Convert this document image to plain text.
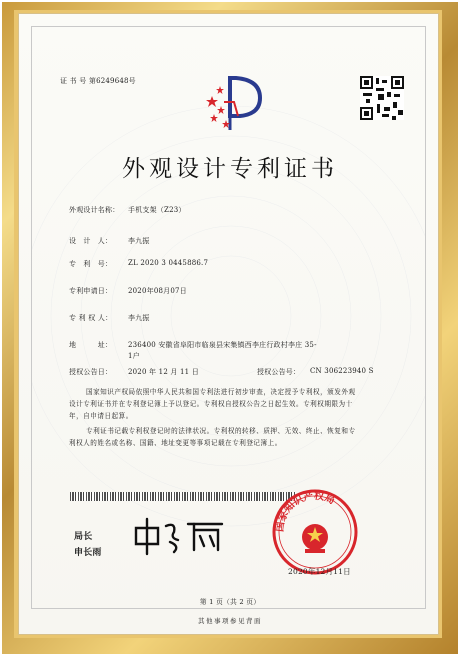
证 书 号 第6249648号
外观设计专利证书
外观设计名称： 手机支架（Z23）
设　计　人： 李九振
专　利　号： ZL 2020 3 0445886.7
专利申请日： 2020年08月07日
专 利 权 人： 李九振
地　　　址： 236400 安徽省阜阳市临泉县宋集镇西李庄行政村李庄 35-
1户
授权公告日： 2020 年 12 月 11 日	授权公告号： CN 306223940 S
国家知识产权局依照中华人民共和国专利法进行初步审查，决定授予专利权，颁发外观
设计专利证书并在专利登记簿上予以登记。专利权自授权公告之日起生效。专利权期限为十
年，自申请日起算。
专利证书记载专利权登记时的法律状况。专利权的转移、质押、无效、终止、恢复和专
利权人的姓名或名称、国籍、地址变更等事项记载在专利登记簿上。
局长
申长雨
国家知识产权局
2020年12月11日
第 1 页（共 2 页）
其他事项参见背面
